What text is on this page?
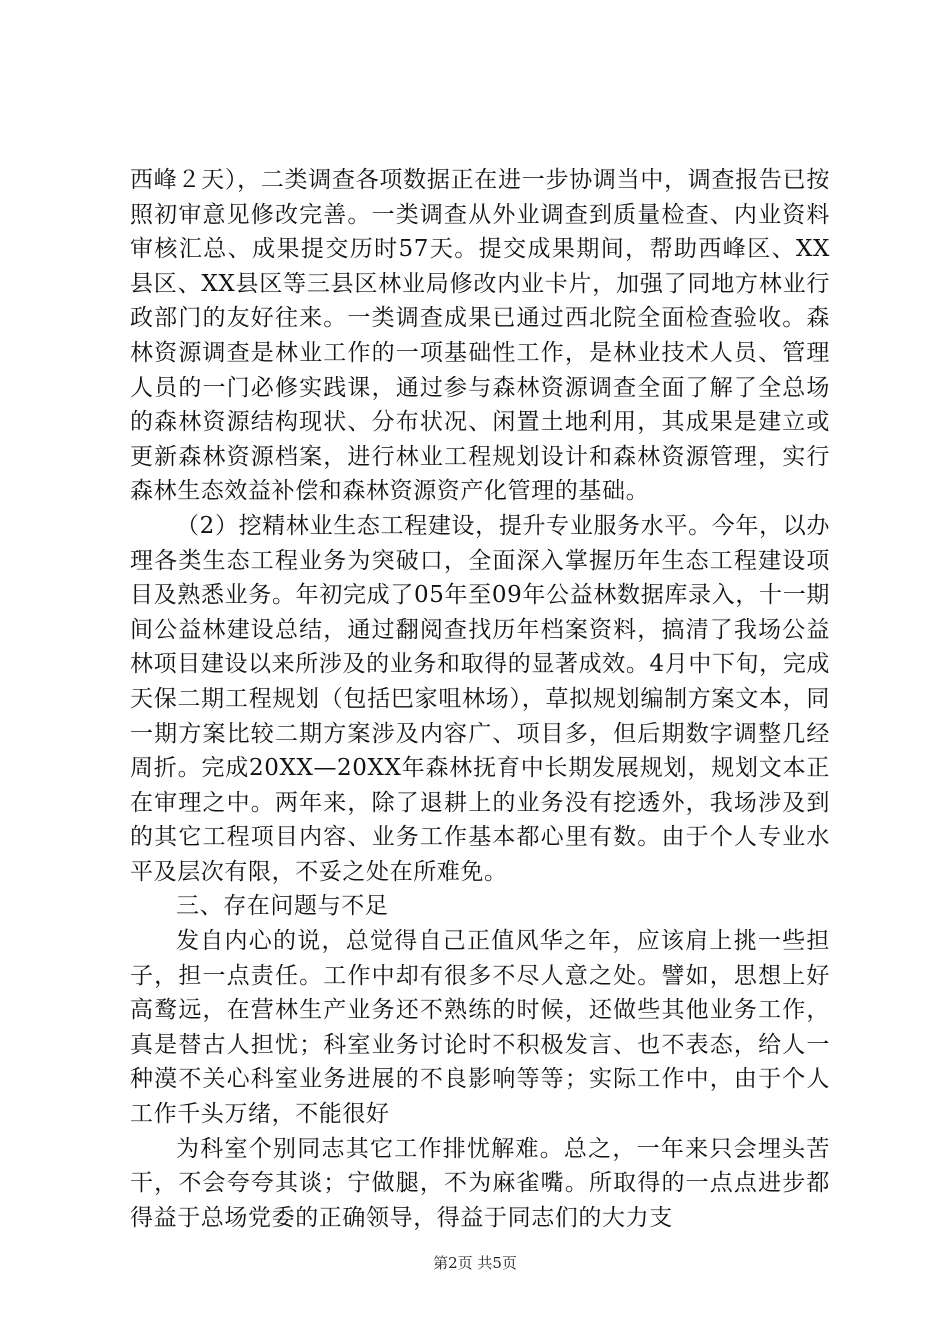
西峰２天），二类调查各项数据正在进一步协调当中，调查报告已按照初审意见修改完善。一类调查从外业调查到质量检查、内业资料审核汇总、成果提交历时57天。提交成果期间，帮助西峰区、XX县区、XX县区等三县区林业局修改内业卡片，加强了同地方林业行政部门的友好往来。一类调查成果已通过西北院全面检查验收。森林资源调查是林业工作的一项基础性工作，是林业技术人员、管理人员的一门必修实践课，通过参与森林资源调查全面了解了全总场的森林资源结构现状、分布状况、闲置土地利用，其成果是建立或更新森林资源档案，进行林业工程规划设计和森林资源管理，实行森林生态效益补偿和森林资源资产化管理的基础。

（2）挖精林业生态工程建设，提升专业服务水平。今年，以办理各类生态工程业务为突破口，全面深入掌握历年生态工程建设项目及熟悉业务。年初完成了05年至09年公益林数据库录入，十一期间公益林建设总结，通过翻阅查找历年档案资料，搞清了我场公益林项目建设以来所涉及的业务和取得的显著成效。4月中下旬，完成天保二期工程规划（包括巴家咀林场），草拟规划编制方案文本，同一期方案比较二期方案涉及内容广、项目多，但后期数字调整几经周折。完成20XX—20XX年森林抚育中长期发展规划，规划文本正在审理之中。两年来，除了退耕上的业务没有挖透外，我场涉及到的其它工程项目内容、业务工作基本都心里有数。由于个人专业水平及层次有限，不妥之处在所难免。

三、存在问题与不足

发自内心的说，总觉得自己正值风华之年，应该肩上挑一些担子，担一点责任。工作中却有很多不尽人意之处。譬如，思想上好高鹜远，在营林生产业务还不熟练的时候，还做些其他业务工作，真是替古人担忧；科室业务讨论时不积极发言、也不表态，给人一种漠不关心科室业务进展的不良影响等等；实际工作中，由于个人工作千头万绪，不能很好

为科室个别同志其它工作排忧解难。总之，一年来只会埋头苦干，不会夸夸其谈；宁做腿，不为麻雀嘴。所取得的一点点进步都得益于总场党委的正确领导，得益于同志们的大力支

第2页 共5页
